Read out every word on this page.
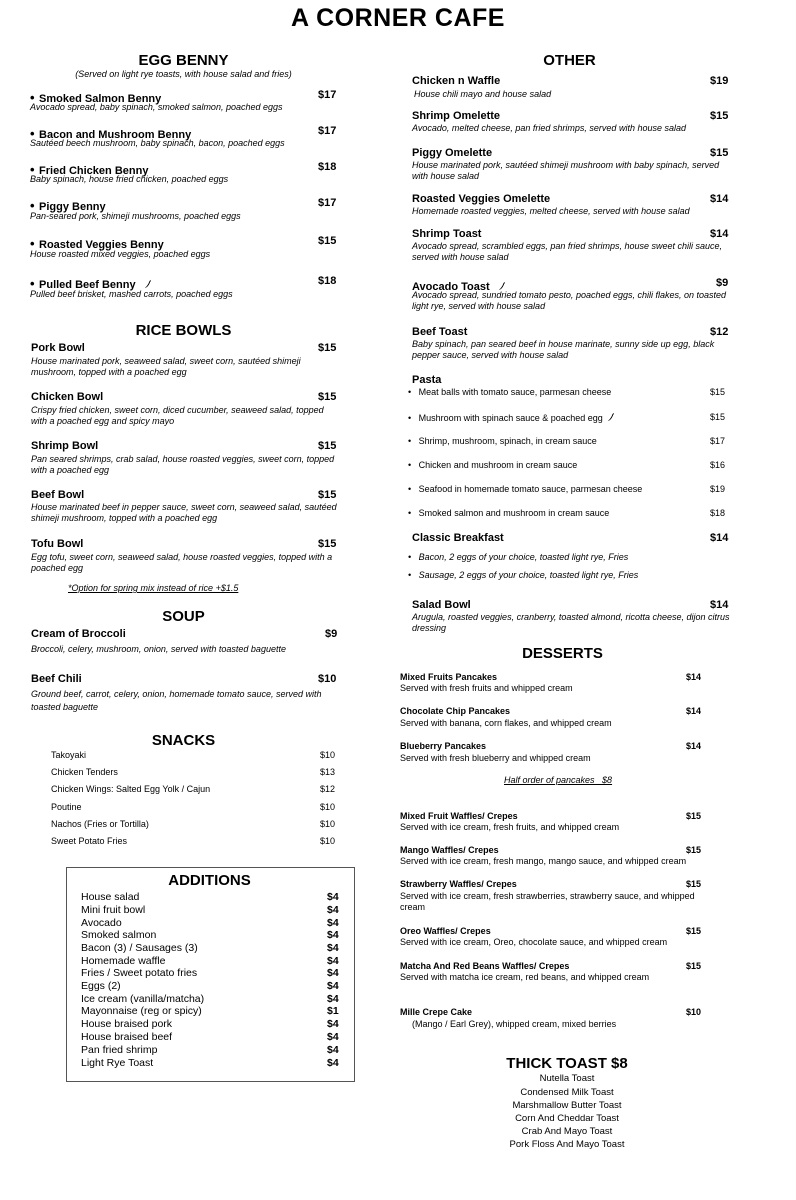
A CORNER CAFE
EGG BENNY
(Served on light rye toasts, with house salad and fries)
• Smoked Salmon Benny	$17
Avocado spread, baby spinach, smoked salmon, poached eggs
• Bacon and Mushroom Benny	$17
Sautéed beech mushroom, baby spinach, bacon, poached eggs
• Fried Chicken Benny	$18
Baby spinach, house fried chicken, poached eggs
• Piggy Benny	$17
Pan-seared pork, shimeji mushrooms, poached eggs
• Roasted Veggies Benny	$15
House roasted mixed veggies, poached eggs
• Pulled Beef Benny	$18
Pulled beef brisket, mashed carrots, poached eggs
RICE BOWLS
Pork Bowl	$15
House marinated pork, seaweed salad, sweet corn, sautéed shimeji mushroom, topped with a poached egg
Chicken Bowl	$15
Crispy fried chicken, sweet corn, diced cucumber, seaweed salad, topped with a poached egg and spicy mayo
Shrimp Bowl	$15
Pan seared shrimps, crab salad, house roasted veggies, sweet corn, topped with a poached egg
Beef Bowl	$15
House marinated beef in pepper sauce, sweet corn, seaweed salad, sautéed shimeji mushroom, topped with a poached egg
Tofu Bowl	$15
Egg tofu, sweet corn, seaweed salad, house roasted veggies, topped with a poached egg
*Option for spring mix instead of rice +$1.5
SOUP
Cream of Broccoli	$9
Broccoli, celery, mushroom, onion, served with toasted baguette
Beef Chili	$10
Ground beef, carrot, celery, onion, homemade tomato sauce, served with toasted baguette
SNACKS
Takoyaki	$10
Chicken Tenders	$13
Chicken Wings: Salted Egg Yolk / Cajun	$12
Poutine	$10
Nachos (Fries or Tortilla)	$10
Sweet Potato Fries	$10
ADDITIONS
House salad	$4
Mini fruit bowl	$4
Avocado	$4
Smoked salmon	$4
Bacon (3) / Sausages (3)	$4
Homemade waffle	$4
Fries / Sweet potato fries	$4
Eggs (2)	$4
Ice cream (vanilla/matcha)	$4
Mayonnaise (reg or spicy)	$1
House braised pork	$4
House braised beef	$4
Pan fried shrimp	$4
Light Rye Toast	$4
OTHER
Chicken n Waffle	$19
House chili mayo and house salad
Shrimp Omelette	$15
Avocado, melted cheese, pan fried shrimps, served with house salad
Piggy Omelette	$15
House marinated pork, sautéed shimeji mushroom with baby spinach, served with house salad
Roasted Veggies Omelette	$14
Homemade roasted veggies, melted cheese, served with house salad
Shrimp Toast	$14
Avocado spread, scrambled eggs, pan fried shrimps, house sweet chili sauce, served with house salad
Avocado Toast	$9
Avocado spread, sundried tomato pesto, poached eggs, chili flakes, on toasted light rye, served with house salad
Beef Toast	$12
Baby spinach, pan seared beef in house marinate, sunny side up egg, black pepper sauce, served with house salad
Pasta
• Meat balls with tomato sauce, parmesan cheese	$15
• Mushroom with spinach sauce & poached egg	$15
• Shrimp, mushroom, spinach, in cream sauce	$17
• Chicken and mushroom in cream sauce	$16
• Seafood in homemade tomato sauce, parmesan cheese	$19
• Smoked salmon and mushroom in cream sauce	$18
Classic Breakfast	$14
• Bacon, 2 eggs of your choice, toasted light rye, Fries
• Sausage, 2 eggs of your choice, toasted light rye, Fries
Salad Bowl	$14
Arugula, roasted veggies, cranberry, toasted almond, ricotta cheese, dijon citrus dressing
DESSERTS
Mixed Fruits Pancakes	$14
Served with fresh fruits and whipped cream
Chocolate Chip Pancakes	$14
Served with banana, corn flakes, and whipped cream
Blueberry Pancakes	$14
Served with fresh blueberry and whipped cream
Half order of pancakes   $8
Mixed Fruit Waffles/ Crepes	$15
Served with ice cream, fresh fruits, and whipped cream
Mango Waffles/ Crepes	$15
Served with ice cream, fresh mango, mango sauce, and whipped cream
Strawberry Waffles/ Crepes	$15
Served with ice cream, fresh strawberries, strawberry sauce, and whipped cream
Oreo Waffles/ Crepes	$15
Served with ice cream, Oreo, chocolate sauce, and whipped cream
Matcha And Red Beans Waffles/ Crepes	$15
Served with matcha ice cream, red beans, and whipped cream
Mille Crepe Cake	$10
(Mango / Earl Grey), whipped cream, mixed berries
THICK TOAST $8
Nutella Toast
Condensed Milk Toast
Marshmallow Butter Toast
Corn And Cheddar Toast
Crab And Mayo Toast
Pork Floss And Mayo Toast
